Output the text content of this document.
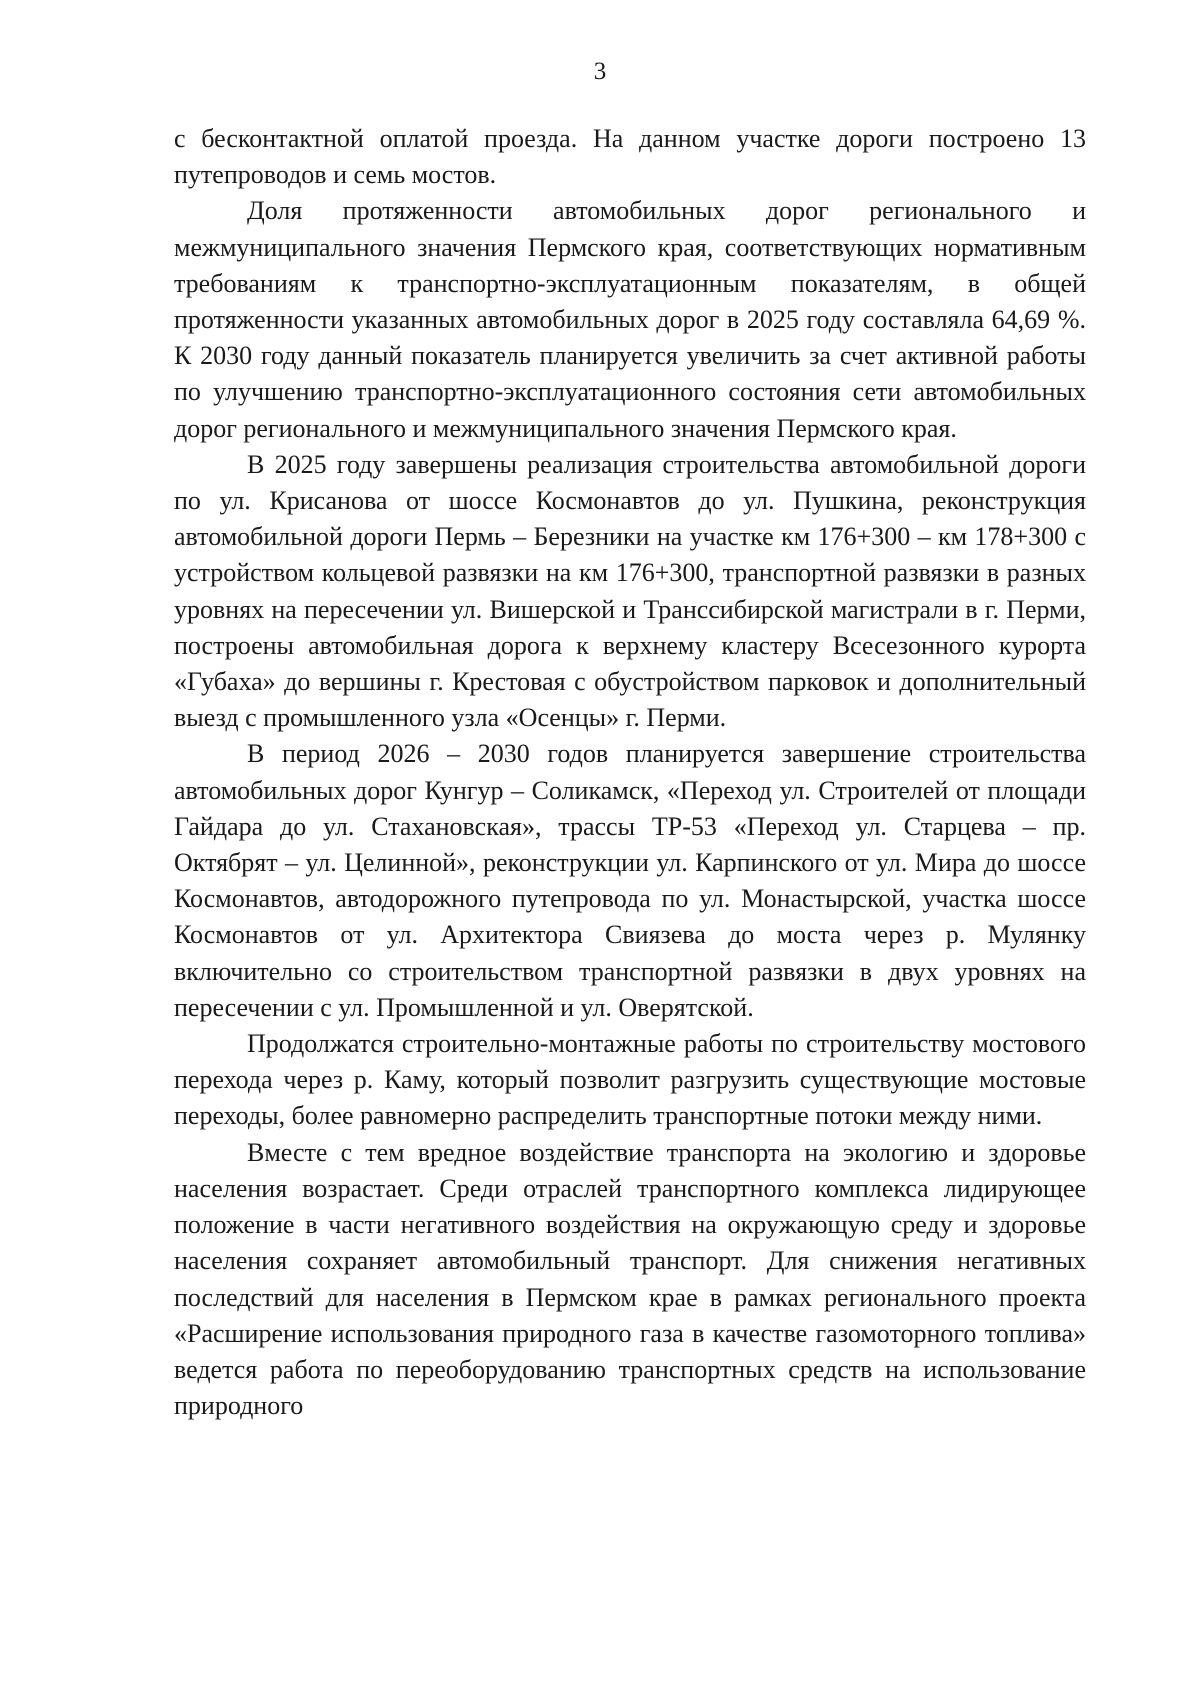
3

с бесконтактной оплатой проезда. На данном участке дороги построено 13 путепроводов и семь мостов.

Доля протяженности автомобильных дорог регионального и межмуниципального значения Пермского края, соответствующих нормативным требованиям к транспортно-эксплуатационным показателям, в общей протяженности указанных автомобильных дорог в 2025 году составляла 64,69 %. К 2030 году данный показатель планируется увеличить за счет активной работы по улучшению транспортно-эксплуатационного состояния сети автомобильных дорог регионального и межмуниципального значения Пермского края.

В 2025 году завершены реализация строительства автомобильной дороги по ул. Крисанова от шоссе Космонавтов до ул. Пушкина, реконструкция автомобильной дороги Пермь – Березники на участке км 176+300 – км 178+300 с устройством кольцевой развязки на км 176+300, транспортной развязки в разных уровнях на пересечении ул. Вишерской и Транссибирской магистрали в г. Перми, построены автомобильная дорога к верхнему кластеру Всесезонного курорта «Губаха» до вершины г. Крестовая с обустройством парковок и дополнительный выезд с промышленного узла «Осенцы» г. Перми.

В период 2026 – 2030 годов планируется завершение строительства автомобильных дорог Кунгур – Соликамск, «Переход ул. Строителей от площади Гайдара до ул. Стахановская», трассы ТР-53 «Переход ул. Старцева – пр. Октябрят – ул. Целинной», реконструкции ул. Карпинского от ул. Мира до шоссе Космонавтов, автодорожного путепровода по ул. Монастырской, участка шоссе Космонавтов от ул. Архитектора Свиязева до моста через р. Мулянку включительно со строительством транспортной развязки в двух уровнях на пересечении с ул. Промышленной и ул. Оверятской.

Продолжатся строительно-монтажные работы по строительству мостового перехода через р. Каму, который позволит разгрузить существующие мостовые переходы, более равномерно распределить транспортные потоки между ними.

Вместе с тем вредное воздействие транспорта на экологию и здоровье населения возрастает. Среди отраслей транспортного комплекса лидирующее положение в части негативного воздействия на окружающую среду и здоровье населения сохраняет автомобильный транспорт. Для снижения негативных последствий для населения в Пермском крае в рамках регионального проекта «Расширение использования природного газа в качестве газомоторного топлива» ведется работа по переоборудованию транспортных средств на использование природного
